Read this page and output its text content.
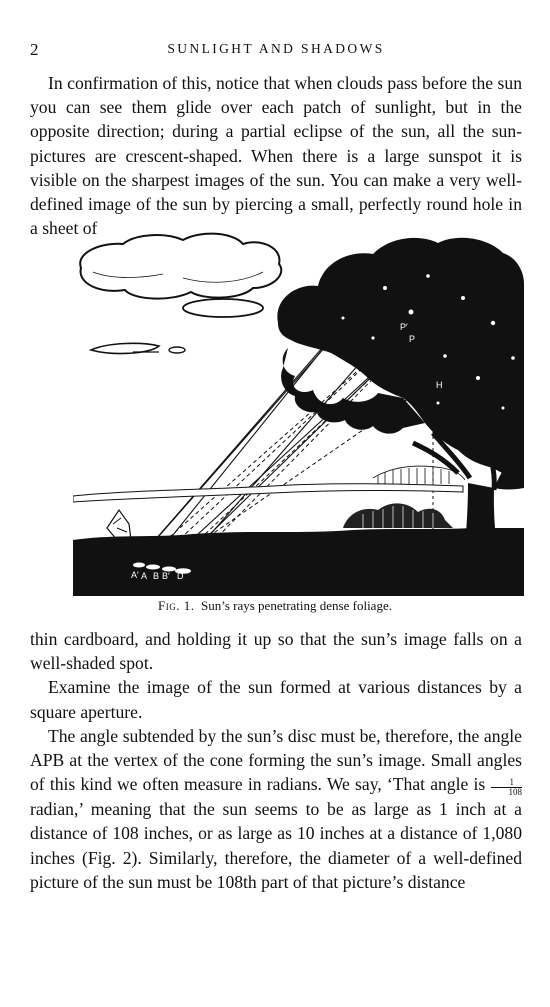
2	SUNLIGHT AND SHADOWS

In confirmation of this, notice that when clouds pass before the sun you can see them glide over each patch of sunlight, but in the opposite direction; during a partial eclipse of the sun, all the sun-pictures are crescent-shaped. When there is a large sunspot it is visible on the sharpest images of the sun. You can make a very well-defined image of the sun by piercing a small, perfectly round hole in a sheet of

P′
P
A′ A B B′ D
H
Fig. 1. Sun’s rays penetrating dense foliage.

thin cardboard, and holding it up so that the sun’s image falls on a well-shaded spot.

Examine the image of the sun formed at various distances by a square aperture.

The angle subtended by the sun’s disc must be, therefore, the angle APB at the vertex of the cone forming the sun’s image. Small angles of this kind we often measure in radians. We say, ‘That angle is $\frac{1}{108}$
radian,’ meaning that the sun seems to be as large as 1 inch at a distance of 108 inches, or as large as 10 inches at a distance of 1,080 inches (Fig. 2). Similarly, therefore, the diameter of a well-defined picture of the sun must be 108th part of that picture’s distance
